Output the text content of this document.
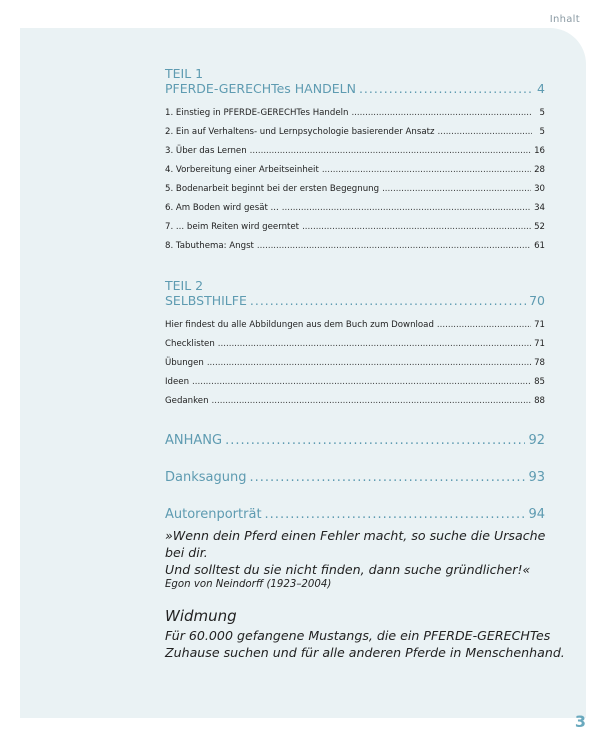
Inhalt
TEIL 1
PFERDE-GERECHTes HANDELN .....	4
1. Einstieg in PFERDE-GERECHTes Handeln .....	5
2. Ein auf Verhaltens- und Lernpsychologie basierender Ansatz .....	5
3. Über das Lernen .....	16
4. Vorbereitung einer Arbeitseinheit .....	28
5. Bodenarbeit beginnt bei der ersten Begegnung .....	30
6. Am Boden wird gesät ... .....	34
7. ... beim Reiten wird geerntet .....	52
8. Tabuthema: Angst .....	61
TEIL 2
SELBSTHILFE .....	70
Hier findest du alle Abbildungen aus dem Buch zum Download .....	71
Checklisten .....	71
Übungen .....	78
Ideen .....	85
Gedanken .....	88
ANHANG .....	92
Danksagung .....	93
Autorenporträt .....	94
»Wenn dein Pferd einen Fehler macht, so suche die Ursache bei dir.
Und solltest du sie nicht finden, dann suche gründlicher!«
Egon von Neindorff (1923–2004)
Widmung
Für 60.000 gefangene Mustangs, die ein PFERDE-GERECHTes
Zuhause suchen und für alle anderen Pferde in Menschenhand.
3
